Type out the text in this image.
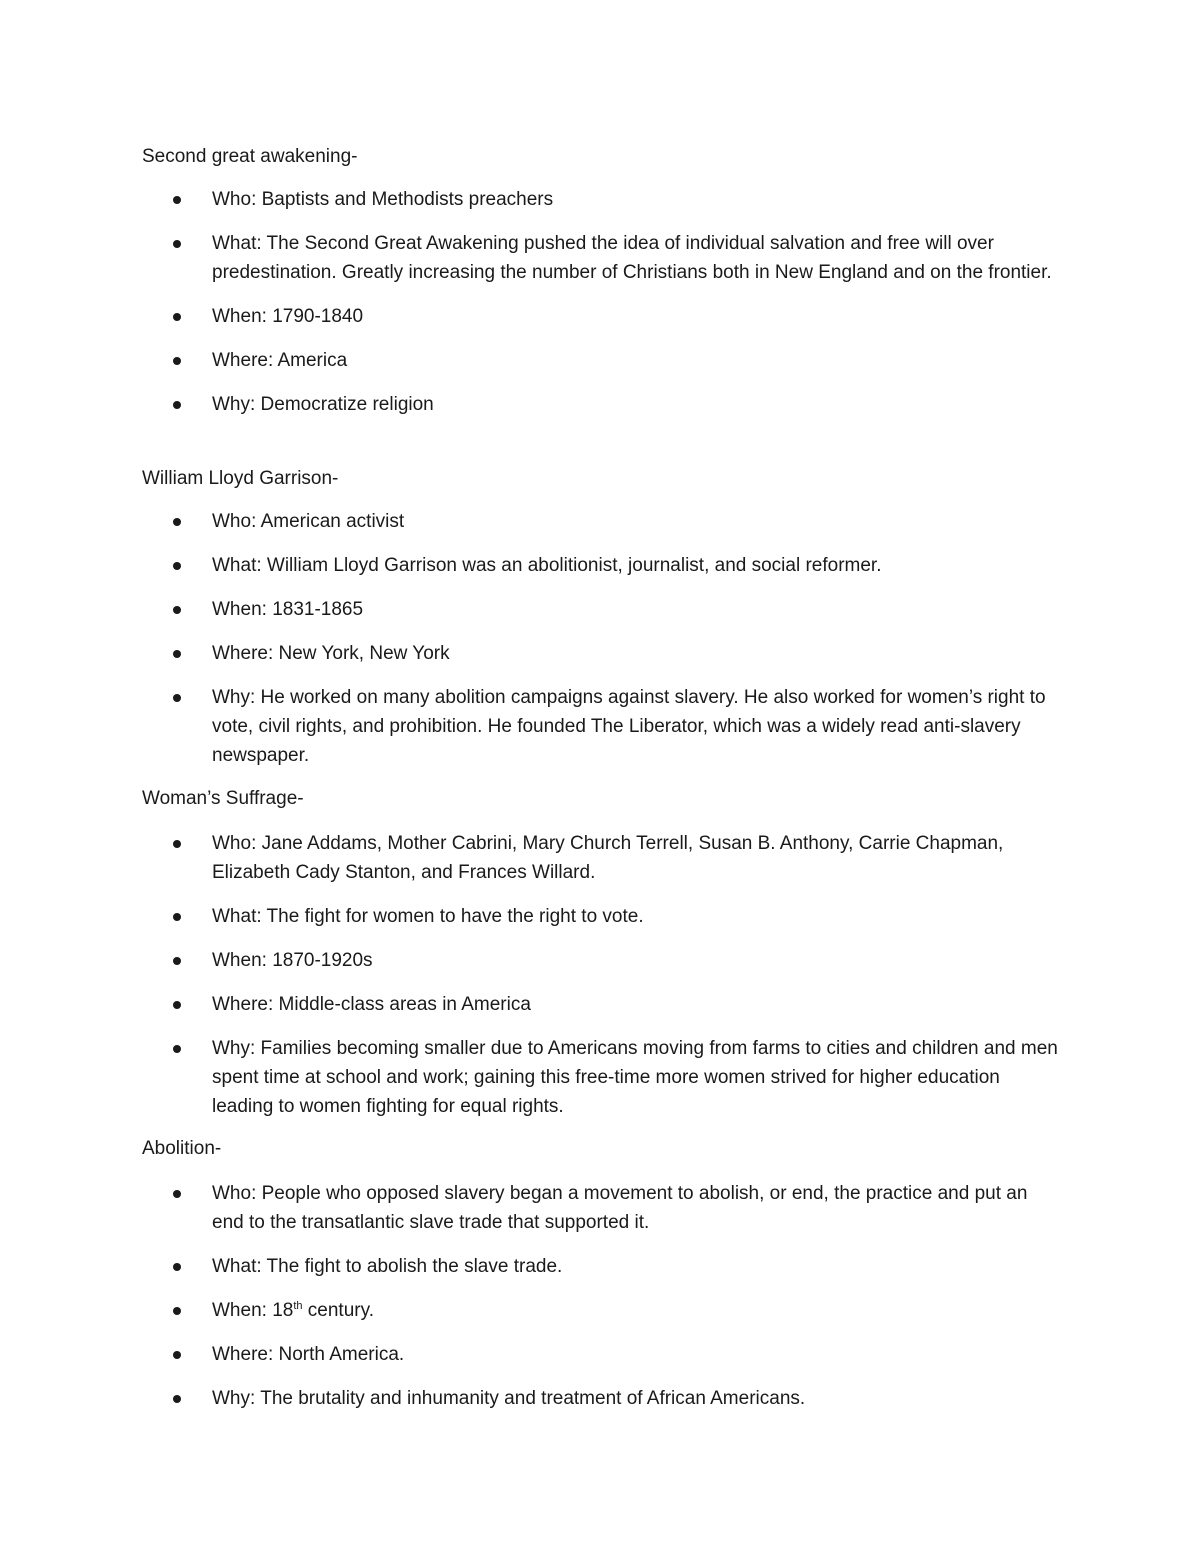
Second great awakening-

Who: Baptists and Methodists preachers
What: The Second Great Awakening pushed the idea of individual salvation and free will over predestination. Greatly increasing the number of Christians both in New England and on the frontier.
When: 1790-1840
Where: America
Why: Democratize religion

William Lloyd Garrison-

Who: American activist
What: William Lloyd Garrison was an abolitionist, journalist, and social reformer.
When: 1831-1865
Where: New York, New York
Why: He worked on many abolition campaigns against slavery. He also worked for women’s right to vote, civil rights, and prohibition. He founded The Liberator, which was a widely read anti-slavery newspaper.

Woman’s Suffrage-

Who: Jane Addams, Mother Cabrini, Mary Church Terrell, Susan B. Anthony, Carrie Chapman, Elizabeth Cady Stanton, and Frances Willard.
What: The fight for women to have the right to vote.
When: 1870-1920s
Where: Middle-class areas in America
Why: Families becoming smaller due to Americans moving from farms to cities and children and men spent time at school and work; gaining this free-time more women strived for higher education leading to women fighting for equal rights.

Abolition-

Who: People who opposed slavery began a movement to abolish, or end, the practice and put an end to the transatlantic slave trade that supported it.
What: The fight to abolish the slave trade.
When: 18th century.
Where: North America.
Why: The brutality and inhumanity and treatment of African Americans.
